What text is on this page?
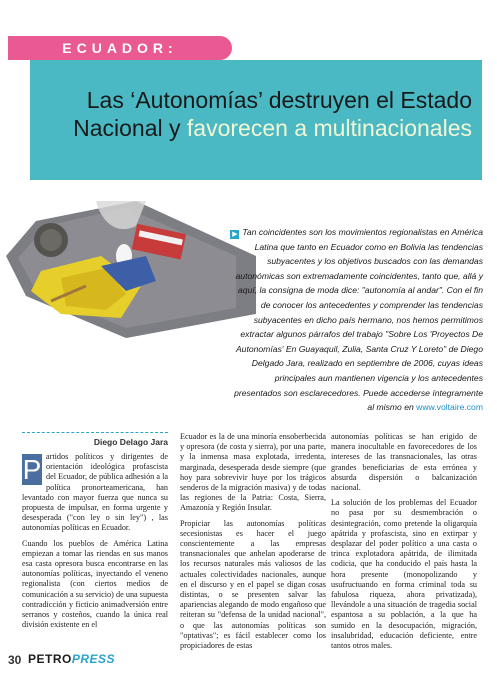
ECUADOR:
Las ‘Autonomías’ destruyen el Estado Nacional y favorecen a multinacionales
▶ Tan coincidentes son los movimientos regionalistas en América Latina que tanto en Ecuador como en Bolivia las tendencias subyacentes y los objetivos buscados con las demandas autonómicas son extremadamente coincidentes, tanto que, allá y aquí, la consigna de moda dice: "autonomía al andar". Con el fin de conocer los antecedentes y comprender las tendencias subyacentes en dicho país hermano, nos hemos permitimos extractar algunos párrafos del trabajo "Sobre Los 'Proyectos De Autonomías' En Guayaquil, Zulia, Santa Cruz Y Loreto" de Diego Delgado Jara, realizado en septiembre de 2006, cuyas ideas principales aun mantienen vigencia y los antecedentes presentados son esclarecedores. Puede accederse íntegramente al mismo en www.voltaire.com
Diego Delago Jara

P artidos políticos y dirigentes de orientación ideológica profascista del Ecuador, de pública adhesión a la política pronorteamericana, han levantado con mayor fuerza que nunca su propuesta de impulsar, en forma urgente y desesperada ("con ley o sin ley") , las autonomías políticas en Ecuador.

Cuando los pueblos de América Latina empiezan a tomar las riendas en sus manos esa casta opresora busca encontrarse en las autonomías políticas, inyectando el veneno regionalista (con ciertos medios de comunicación a su servicio) de una supuesta contradicción y ficticio animadversión entre serranos y costeños, cuando la única real división existente en el

Ecuador es la de una minoría ensoberbecida y opresora (de costa y sierra), por una parte, y la inmensa masa explotada, irredenta, marginada, desesperada desde siempre (que hoy para sobrevivir huye por los trágicos senderos de la migración masiva) y de todas las regiones de la Patria: Costa, Sierra, Amazonía y Región Insular.

Propiciar las autonomías políticas secesionistas es hacer el juego conscientemente a las empresas transnacionales que anhelan apoderarse de los recursos naturales más valiosos de las actuales colectividades nacionales, aunque en el discurso y en el papel se digan cosas distintas, o se presenten salvar las apariencias alegando de modo engañoso que reiteran su "defensa de la unidad nacional", o que las autonomías políticas son "optativas"; es fácil establecer como los propiciadores de estas

autonomías políticas se han erigido de manera inocultable en favorecedores de los intereses de las transnacionales, las otras grandes beneficiarias de esta errónea y absurda dispersión o balcanización nacional.

La solución de los problemas del Ecuador no pasa por su desmembración o desintegración, como pretende la oligarquía apátrida y profascista, sino en extirpar y desplazar del poder político a una casta o trinca explotadora apátrida, de ilimitada codicia, que ha conducido el país hasta la hora presente (monopolizando y usufructuando en forma criminal toda su fabulosa riqueza, ahora privatizada), llevándole a una situación de tragedia social espantosa a su población, a la que ha sumido en la desocupación, migración, insalubridad, educación deficiente, entre tantos otros males.

30 PETROPRESS
